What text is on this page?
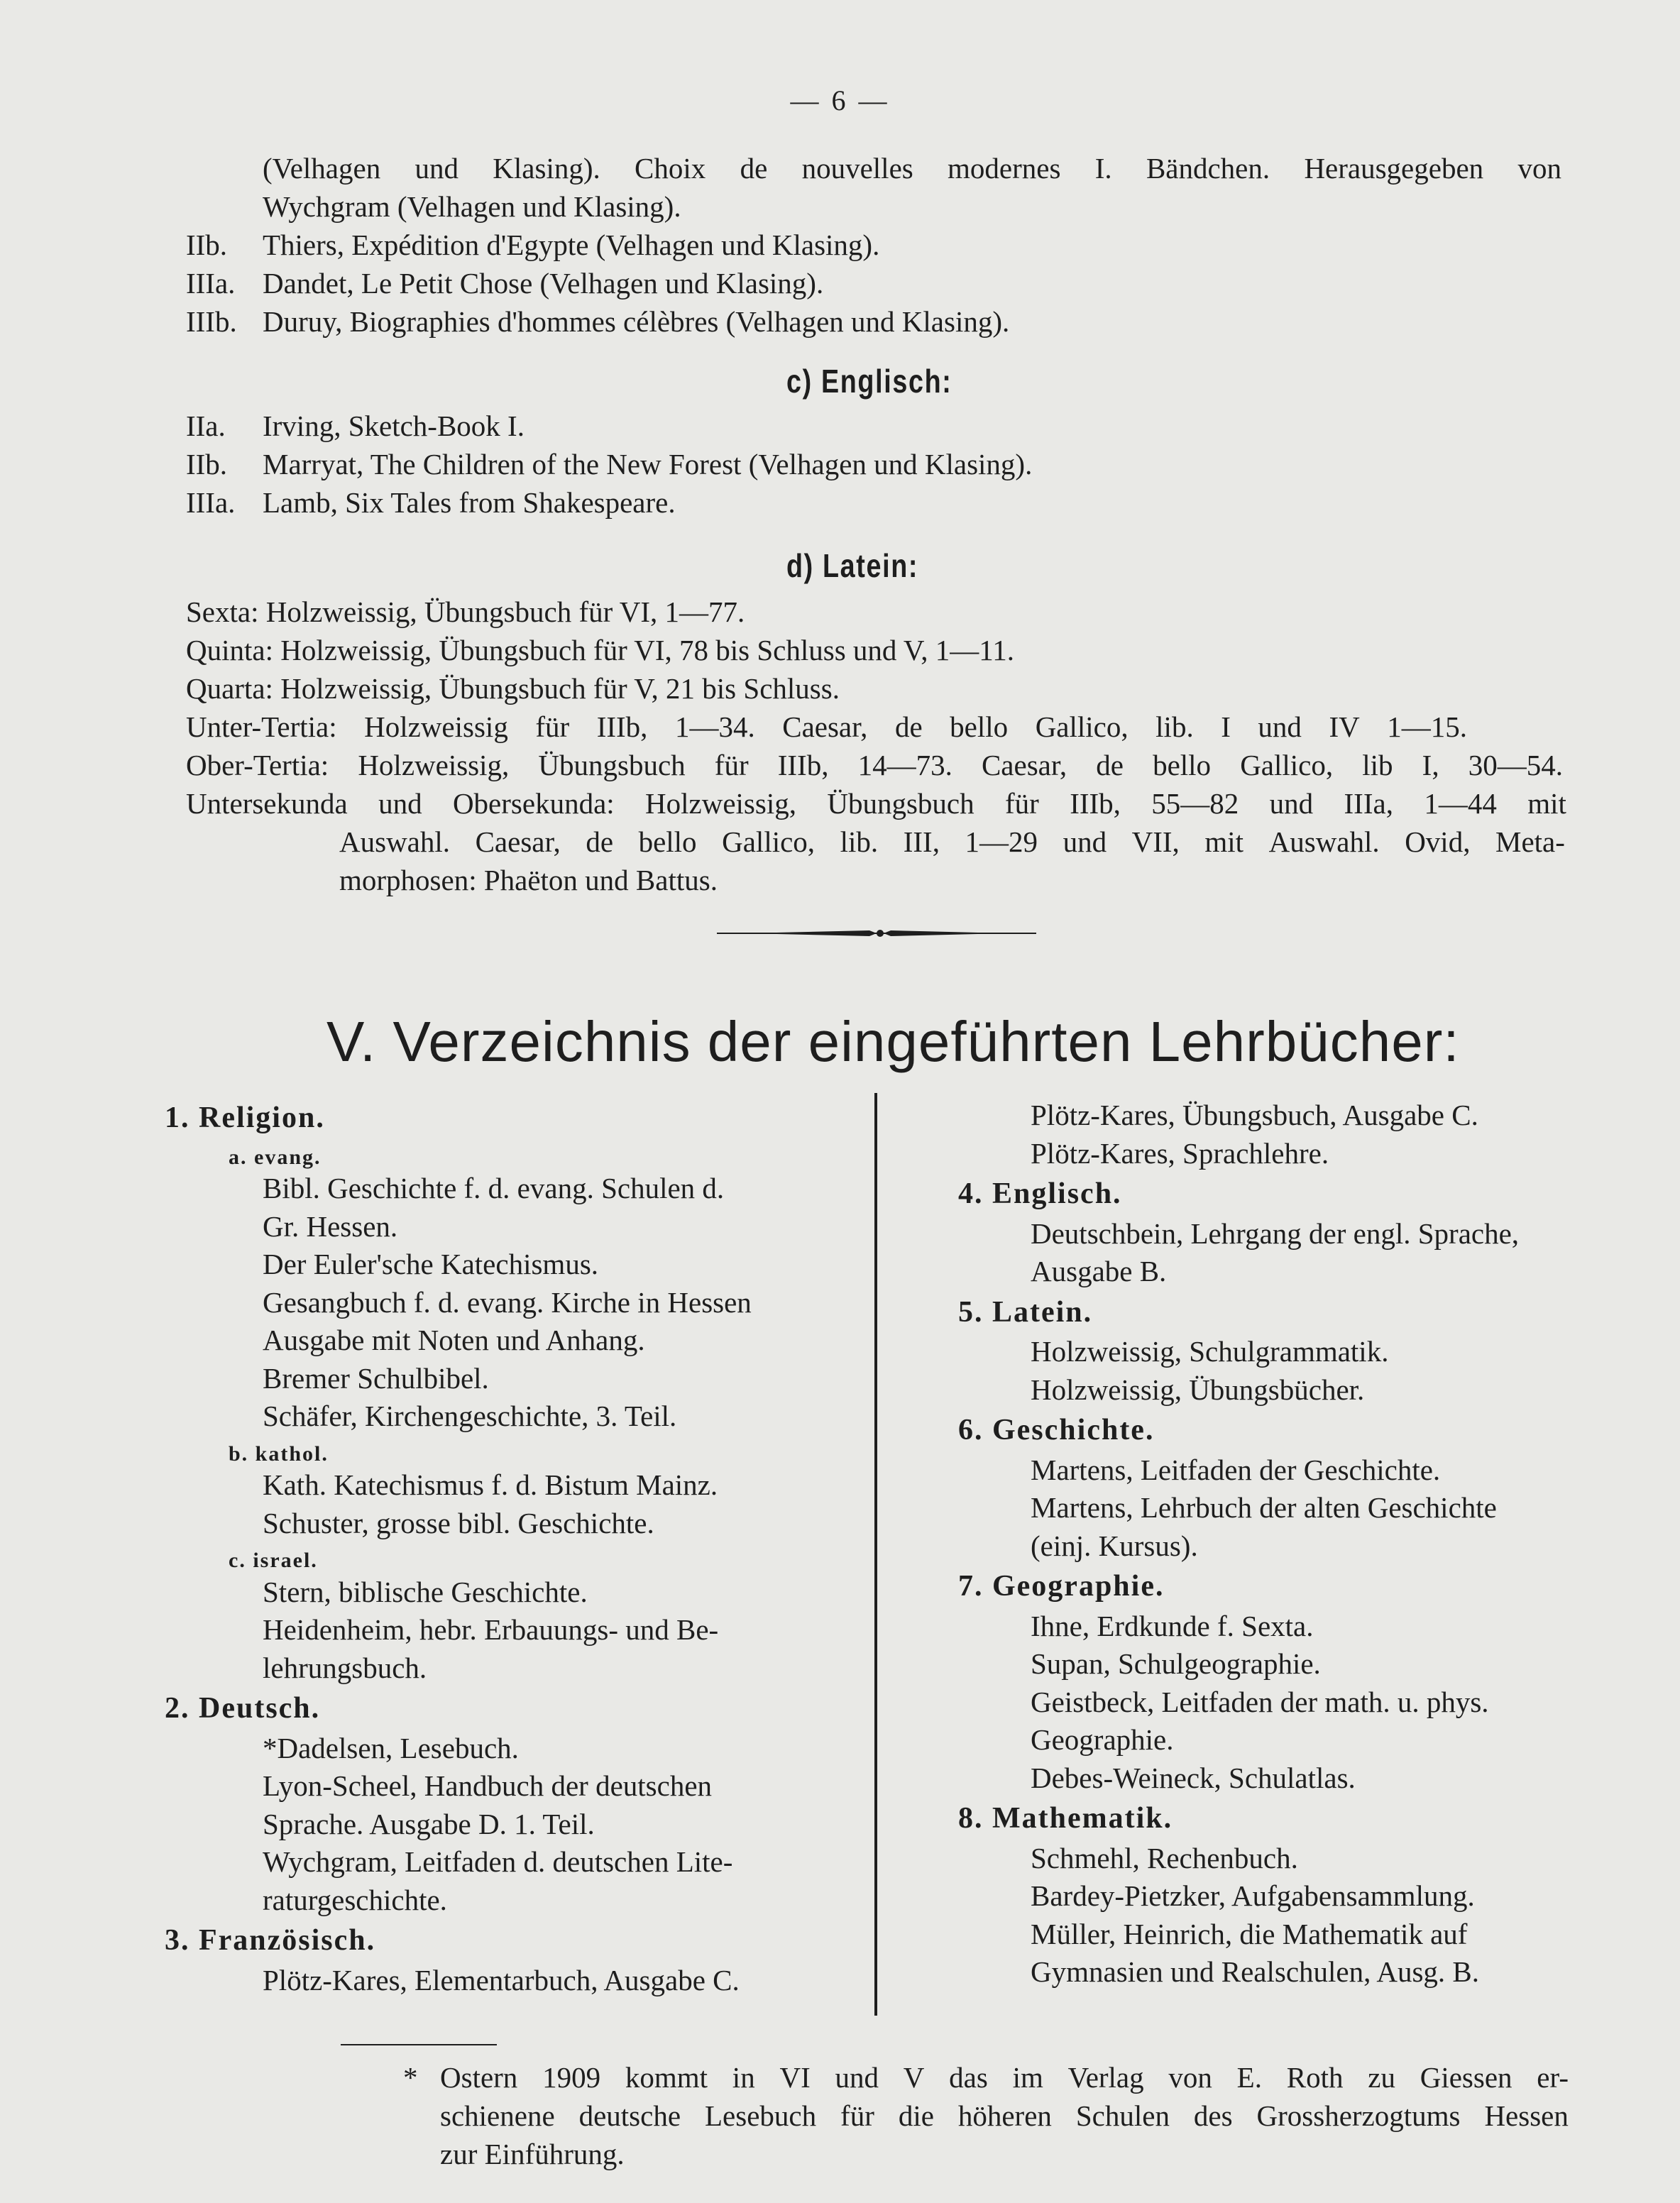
— 6 —
(Velhagen und Klasing). Choix de nouvelles modernes I. Bändchen. Herausgegeben von
Wychgram (Velhagen und Klasing).
c) Englisch:
d) Latein:
Sexta: Holzweissig, Übungsbuch für VI, 1—77.
Quinta: Holzweissig, Übungsbuch für VI, 78 bis Schluss und V, 1—11.
Quarta: Holzweissig, Übungsbuch für V, 21 bis Schluss.
Unter-Tertia: Holzweissig für IIIb, 1—34. Caesar, de bello Gallico, lib. I und IV 1—15.
Ober-Tertia: Holzweissig, Übungsbuch für IIIb, 14—73. Caesar, de bello Gallico, lib I, 30—54.
Untersekunda und Obersekunda: Holzweissig, Übungsbuch für IIIb, 55—82 und IIIa, 1—44 mit
Auswahl. Caesar, de bello Gallico, lib. III, 1—29 und VII, mit Auswahl. Ovid, Meta-
morphosen: Phaëton und Battus.
V. Verzeichnis der eingeführten Lehrbücher:
* Ostern 1909 kommt in VI und V das im Verlag von E. Roth zu Giessen er-
schienene deutsche Lesebuch für die höheren Schulen des Grossherzogtums Hessen
zur Einführung.
IIb. Thiers, Expédition d'Egypte (Velhagen und Klasing).
IIIa. Dandet, Le Petit Chose (Velhagen und Klasing).
IIIb. Duruy, Biographies d'hommes célèbres (Velhagen und Klasing).
IIa. Irving, Sketch-Book I.
IIb. Marryat, The Children of the New Forest (Velhagen und Klasing).
IIIa. Lamb, Six Tales from Shakespeare.
1. Religion.
a. evang.
Bibl. Geschichte f. d. evang. Schulen d.
Gr. Hessen.
Der Euler'sche Katechismus.
Gesangbuch f. d. evang. Kirche in Hessen
Ausgabe mit Noten und Anhang.
Bremer Schulbibel.
Schäfer, Kirchengeschichte, 3. Teil.
b. kathol.
Kath. Katechismus f. d. Bistum Mainz.
Schuster, grosse bibl. Geschichte.
c. israel.
Stern, biblische Geschichte.
Heidenheim, hebr. Erbauungs- und Be-
lehrungsbuch.
2. Deutsch.
*Dadelsen, Lesebuch.
Lyon-Scheel, Handbuch der deutschen
Sprache. Ausgabe D. 1. Teil.
Wychgram, Leitfaden d. deutschen Lite-
raturgeschichte.
3. Französisch.
Plötz-Kares, Elementarbuch, Ausgabe C.
Plötz-Kares, Übungsbuch, Ausgabe C.
Plötz-Kares, Sprachlehre.
4. Englisch.
Deutschbein, Lehrgang der engl. Sprache,
Ausgabe B.
5. Latein.
Holzweissig, Schulgrammatik.
Holzweissig, Übungsbücher.
6. Geschichte.
Martens, Leitfaden der Geschichte.
Martens, Lehrbuch der alten Geschichte
(einj. Kursus).
7. Geographie.
Ihne, Erdkunde f. Sexta.
Supan, Schulgeographie.
Geistbeck, Leitfaden der math. u. phys.
Geographie.
Debes-Weineck, Schulatlas.
8. Mathematik.
Schmehl, Rechenbuch.
Bardey-Pietzker, Aufgabensammlung.
Müller, Heinrich, die Mathematik auf
Gymnasien und Realschulen, Ausg. B.
